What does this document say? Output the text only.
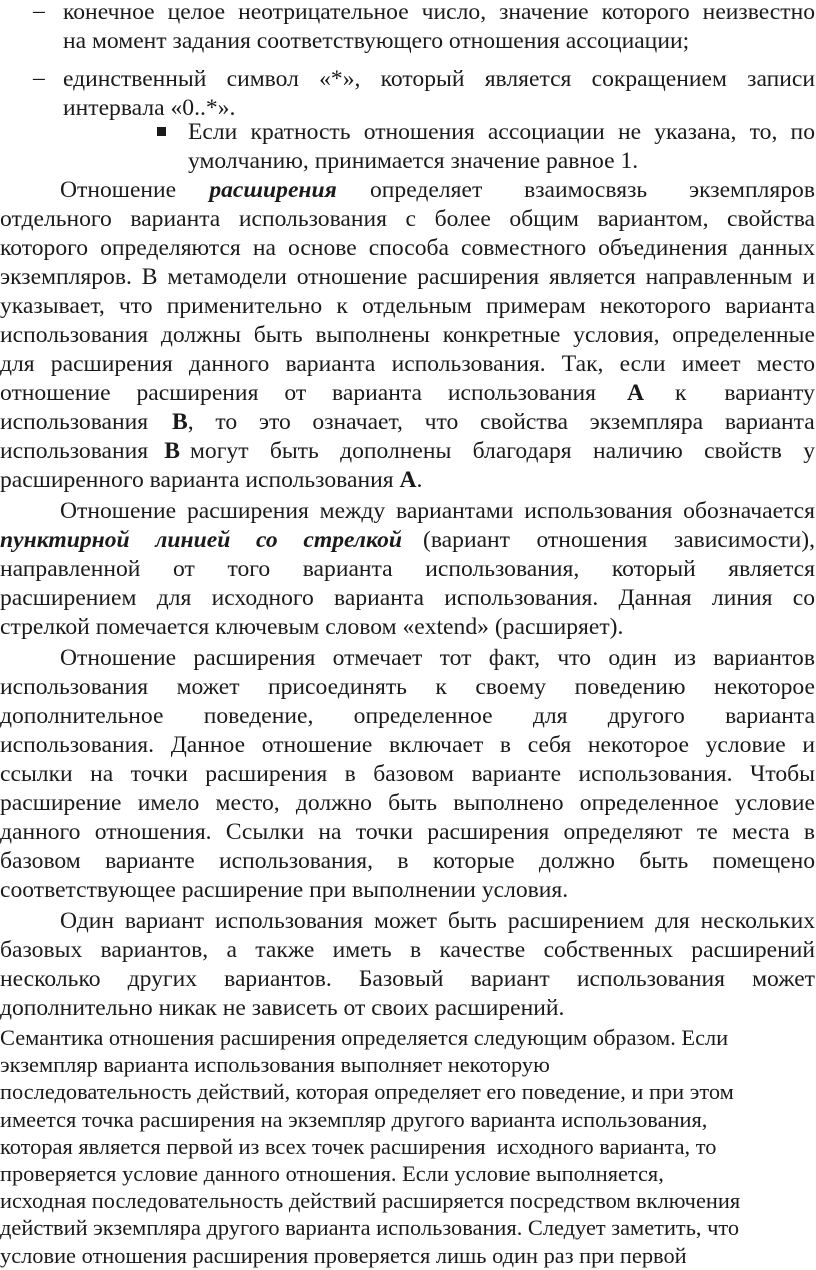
– конечное целое неотрицательное число, значение которого неизвестно
на момент задания соответствующего отношения ассоциации;
– единственный символ «*», который является сокращением записи
интервала «0..*».
Если кратность отношения ассоциации не указана, то, по
умолчанию, принимается значение равное 1.
Отношение расширения определяет взаимосвязь экземпляров
отдельного варианта использования с более общим вариантом, свойства
которого определяются на основе способа совместного объединения данных
экземпляров. В метамодели отношение расширения является направленным и
указывает, что применительно к отдельным примерам некоторого варианта
использования должны быть выполнены конкретные условия, определенные
для расширения данного варианта использования. Так, если имеет место
отношение расширения от варианта использования А к варианту
использования	В , то это означает, что свойства экземпляра варианта
использования В могут быть дополнены благодаря наличию свойств у
расширенного варианта использования А.
Отношение расширения между вариантами использования обозначается
пунктирной линией со стрелкой (вариант отношения зависимости),
направленной от того варианта использования, который является
расширением для исходного варианта использования. Данная линия со
стрелкой помечается ключевым словом «extend» (расширяет).
Отношение расширения отмечает тот факт, что один из вариантов
использования может присоединять к своему поведению некоторое
дополнительное поведение, определенное для другого варианта
использования. Данное отношение включает в себя некоторое условие и
ссылки на точки расширения в базовом варианте использования. Чтобы
расширение имело место, должно быть выполнено определенное условие
данного отношения. Ссылки на точки расширения определяют те места в
базовом варианте использования, в которые должно быть помещено
соответствующее расширение при выполнении условия.
Один вариант использования может быть расширением для нескольких
базовых вариантов, а также иметь в качестве собственных расширений
несколько других вариантов. Базовый вариант использования может
дополнительно никак не зависеть от своих расширений.
Семантика отношения расширения определяется следующим образом. Если
экземпляр варианта использования выполняет некоторую
последовательность действий, которая определяет его поведение, и при этом
имеется точка расширения на экземпляр другого варианта использования,
которая является первой из всех точек расширения  исходного варианта, то
проверяется условие данного отношения. Если условие выполняется,
исходная последовательность действий расширяется посредством включения
действий экземпляра другого варианта использования. Следует заметить, что
условие отношения расширения проверяется лишь один раз при первой
